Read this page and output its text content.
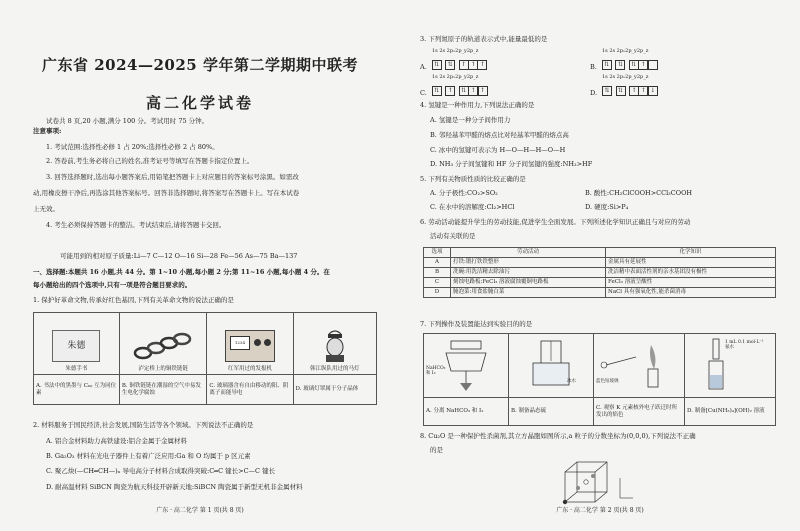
广东省 2024—2025 学年第二学期期中联考
高二化学试卷
试卷共 8 页,20 小题,满分 100 分。考试用时 75 分钟。
注意事项:
1. 考试范围:选择性必修 1 占 20%;选择性必修 2 占 80%。
2. 答卷前,考生务必将自己的姓名,准考证号等填写在答题卡指定位置上。
3. 回答选择题时,选出每小题答案后,用铅笔把答题卡上对应题目的答案标号涂黑。如需改
动,用橡皮擦干净后,再选涂其他答案标号。回答非选择题时,将答案写在答题卡上。写在本试卷
上无效。
4. 考生必须保持答题卡的整洁。考试结束后,请将答题卡交回。
可能用到的相对原子质量:Li—7 C—12 O—16 Si—28 Fe—56 As—75 Ba—137
一、选择题:本题共 16 小题,共 44 分。第 1~10 小题,每小题 2 分;第 11~16 小题,每小题 4 分。在
每小题给出的四个选项中,只有一项是符合题目要求的。
1. 保护好革命文物,传承好红色基因,下列有关革命文物的说法正确的是
朱德
朱德手书	泸定桥上的铜铁链链	1234
红军用过的发报机	韩江纵队用过的马灯
A. 书法中的黑墨与 C₆₀ 互为同位素	B. 铜铁链链在潮湿的空气中易发生电化学腐蚀	C. 玻璃器含有自由移动的阳、阴离子而能导电	D. 玻璃灯罩属于分子晶体
2. 材料服务于国民经济,社会发展,国防生活等各个领域。下列说法不正确的是
A. 铝合金材料助力高铁建设:铝合金属于金属材料
B. Ga₂O₃ 材料在光电子器件上有着广泛应用:Ga 和 O 均属于 p 区元素
C. 聚乙炔(—CH═CH—)ₙ 导电高分子材料合成取得突破:C═C 键长>C—C 键长
D. 耐高温材料 SiBCN 陶瓷为航天科技开辟新天地:SiBCN 陶瓷属于新型无机非金属材料
广东 · 高二化学 第 1 页(共 8 页)
3. 下列氮原子的轨道表示式中,能量最低的是
1s 2s 2pₓ2p_y2p_z
A. ⇅ ⇅ ↑ ↑ ↑
1s 2s 2pₓ2p_y2p_z
B. ⇅ ⇅ ⇅ ↑
1s 2s 2pₓ2p_y2p_z
C. ⇅ ↑ ⇅ ↑ ↑
1s 2s 2pₓ2p_y2p_z
D. ⇅ ⇅ ↑ ↑ ↓
4. 氢键是一种作用力,下列说法正确的是
A. 氢键是一种分子间作用力
B. 邻羟基苯甲醛的熔点比对羟基苯甲醛的熔点高
C. 冰中的氢键可表示为 H—O—H—H—O—H
D. NH₃ 分子间氢键和 HF 分子间氢键的强度:NH₃>HF
5. 下列有关物质性质的比较正确的是
A. 分子极性:CO₂>SO₂	B. 酸性:CH₂ClCOOH>CCl₃COOH
C. 在水中的溶解度:Cl₂>HCl	D. 硬度:Si>P₄
6. 劳动活动能提升学生的劳动技能,促进学生全面发展。下列所述化学知识正确且与对应的劳动
活动有关联的是
选项	劳动活动	化学知识
A	打铁:锻打铁铁整形	金属具有延展性
B	洗碗:用洗洁精去除油污	洗洁精中表面活性剂的亲水基团没有极性
C	刻蚀电路板:FeCl₃ 溶液腐蚀覆铜电路板	FeCl₃ 溶液呈酸性
D	腌泡菜:用食盐腌白菜	NaCl 具有强氧化性,能杀菌消毒
7. 下列操作及装置能达到实验目的的是
NaHCO₃
和 I₂	冰水	蓝色钴玻璃	1 mL 0.1 mol·L⁻¹ 氨水

A. 分离 NaHCO₃ 和 I₂	B. 制备晶态硫	C. 观察 K 元素核外电子跃迁时所发出的焰色	D. 制备[Cu(NH₃)₄](OH)₂ 溶液
8. Cu₂O 是一种保护性杀菌剂,其立方晶胞如图所示,a 粒子的分数坐标为(0,0,0),下列说法不正确
的是
广东 · 高二化学 第 2 页(共 8 页)
